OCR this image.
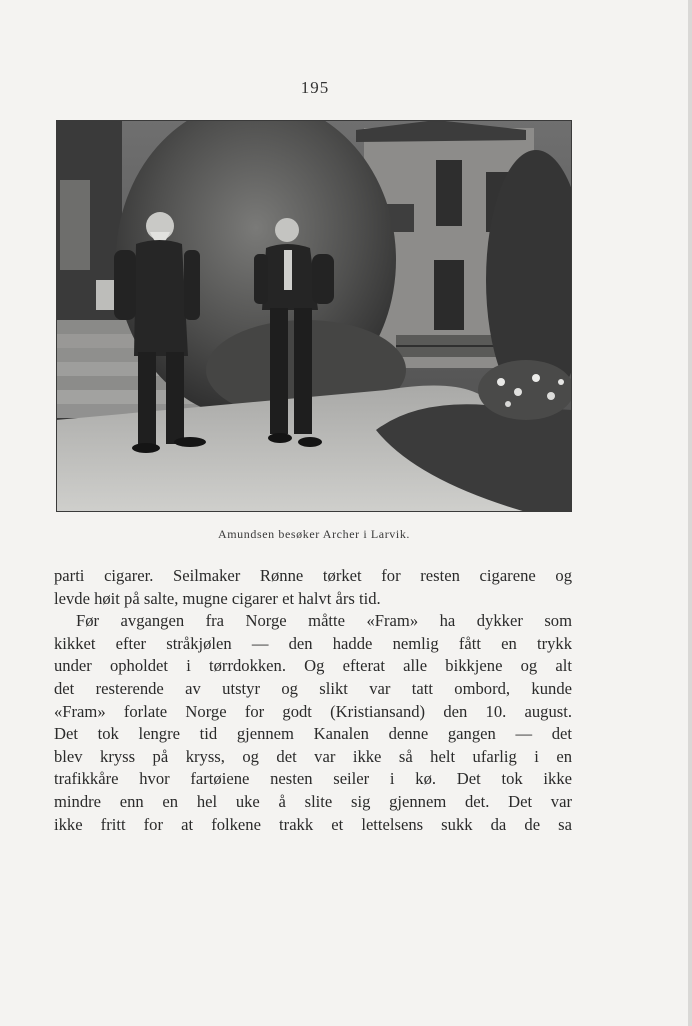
195
Amundsen besøker Archer i Larvik.
parti cigarer. Seilmaker Rønne tørket for resten cigarene og
levde høit på salte, mugne cigarer et halvt års tid.
Før avgangen fra Norge måtte «Fram» ha dykker som
kikket efter stråkjølen — den hadde nemlig fått en trykk
under opholdet i tørrdokken. Og efterat alle bikkjene og alt
det resterende av utstyr og slikt var tatt ombord, kunde
«Fram» forlate Norge for godt (Kristiansand) den 10. august.
Det tok lengre tid gjennem Kanalen denne gangen — det
blev kryss på kryss, og det var ikke så helt ufarlig i en
trafikkåre hvor fartøiene nesten seiler i kø. Det tok ikke
mindre enn en hel uke å slite sig gjennem det. Det var
ikke fritt for at folkene trakk et lettelsens sukk da de sa
